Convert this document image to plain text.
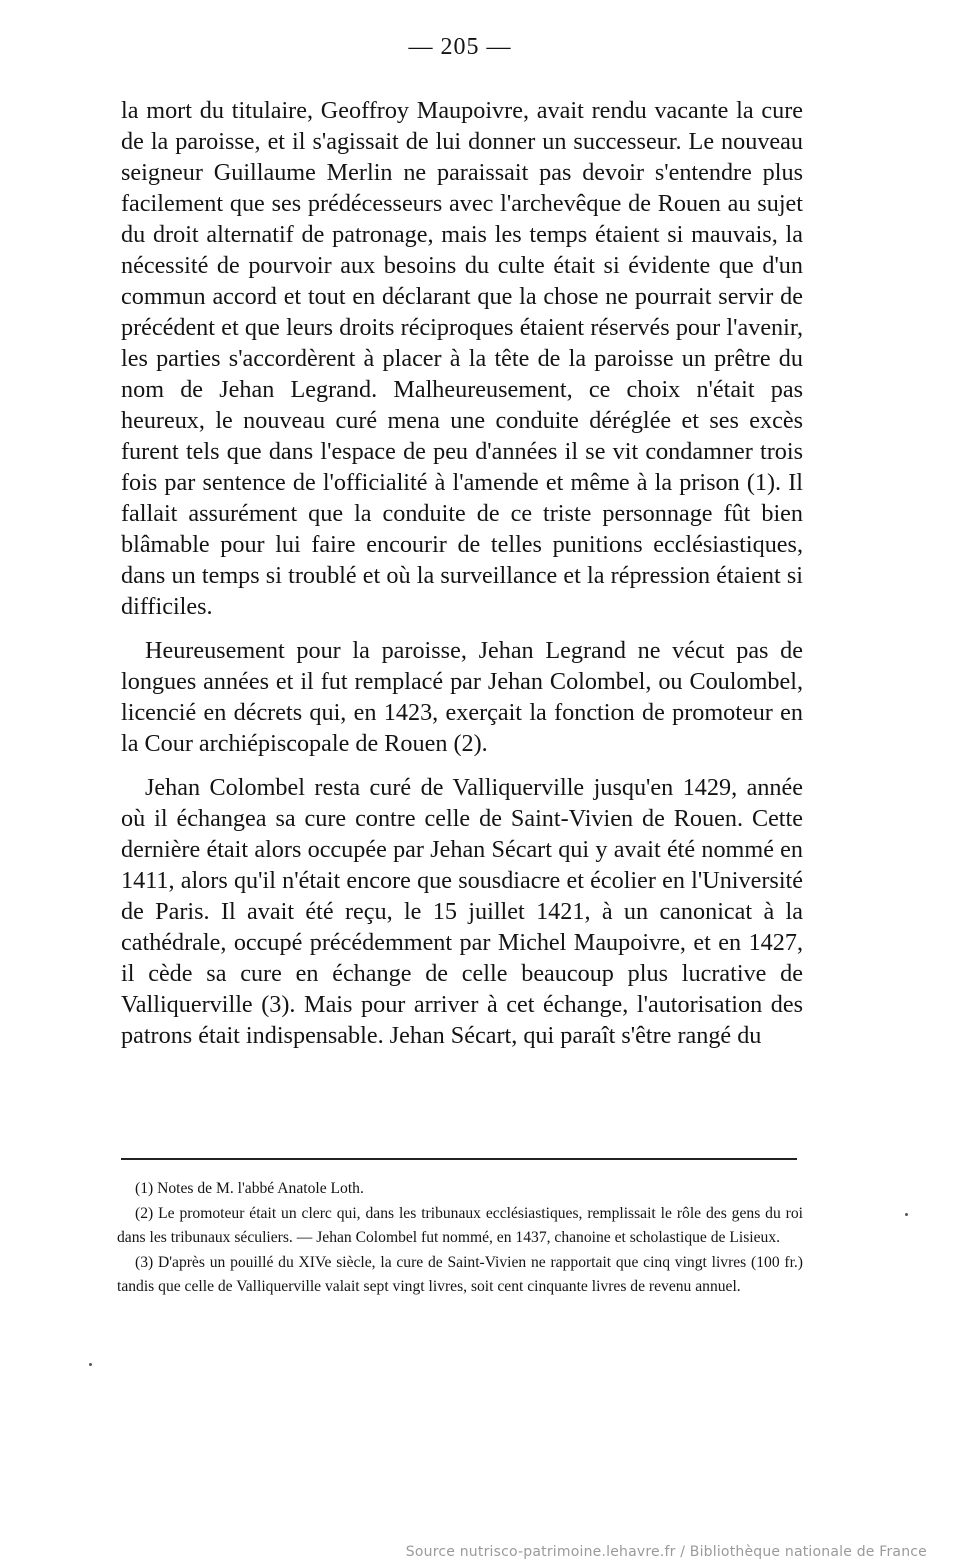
— 205 —

la mort du titulaire, Geoffroy Maupoivre, avait rendu vacante la cure de la paroisse, et il s'agissait de lui donner un successeur. Le nouveau seigneur Guillaume Merlin ne paraissait pas devoir s'entendre plus facilement que ses prédécesseurs avec l'archevêque de Rouen au sujet du droit alternatif de patronage, mais les temps étaient si mauvais, la nécessité de pourvoir aux besoins du culte était si évidente que d'un commun accord et tout en déclarant que la chose ne pourrait servir de précédent et que leurs droits réciproques étaient réservés pour l'avenir, les parties s'accordèrent à placer à la tête de la paroisse un prêtre du nom de Jehan Legrand. Malheureusement, ce choix n'était pas heureux, le nouveau curé mena une conduite déréglée et ses excès furent tels que dans l'espace de peu d'années il se vit condamner trois fois par sentence de l'officialité à l'amende et même à la prison (1). Il fallait assurément que la conduite de ce triste personnage fût bien blâmable pour lui faire encourir de telles punitions ecclésiastiques, dans un temps si troublé et où la surveillance et la répression étaient si difficiles.

Heureusement pour la paroisse, Jehan Legrand ne vécut pas de longues années et il fut remplacé par Jehan Colombel, ou Coulombel, licencié en décrets qui, en 1423, exerçait la fonction de promoteur en la Cour archiépiscopale de Rouen (2).

Jehan Colombel resta curé de Valliquerville jusqu'en 1429, année où il échangea sa cure contre celle de Saint-Vivien de Rouen. Cette dernière était alors occupée par Jehan Sécart qui y avait été nommé en 1411, alors qu'il n'était encore que sousdiacre et écolier en l'Université de Paris. Il avait été reçu, le 15 juillet 1421, à un canonicat à la cathédrale, occupé précédemment par Michel Maupoivre, et en 1427, il cède sa cure en échange de celle beaucoup plus lucrative de Valliquerville (3). Mais pour arriver à cet échange, l'autorisation des patrons était indispensable. Jehan Sécart, qui paraît s'être rangé du

(1) Notes de M. l'abbé Anatole Loth.

(2) Le promoteur était un clerc qui, dans les tribunaux ecclésiastiques, remplissait le rôle des gens du roi dans les tribunaux séculiers. — Jehan Colombel fut nommé, en 1437, chanoine et scholastique de Lisieux.

(3) D'après un pouillé du XIVe siècle, la cure de Saint-Vivien ne rapportait que cinq vingt livres (100 fr.) tandis que celle de Valliquerville valait sept vingt livres, soit cent cinquante livres de revenu annuel.

Source nutrisco-patrimoine.lehavre.fr / Bibliothèque nationale de France
